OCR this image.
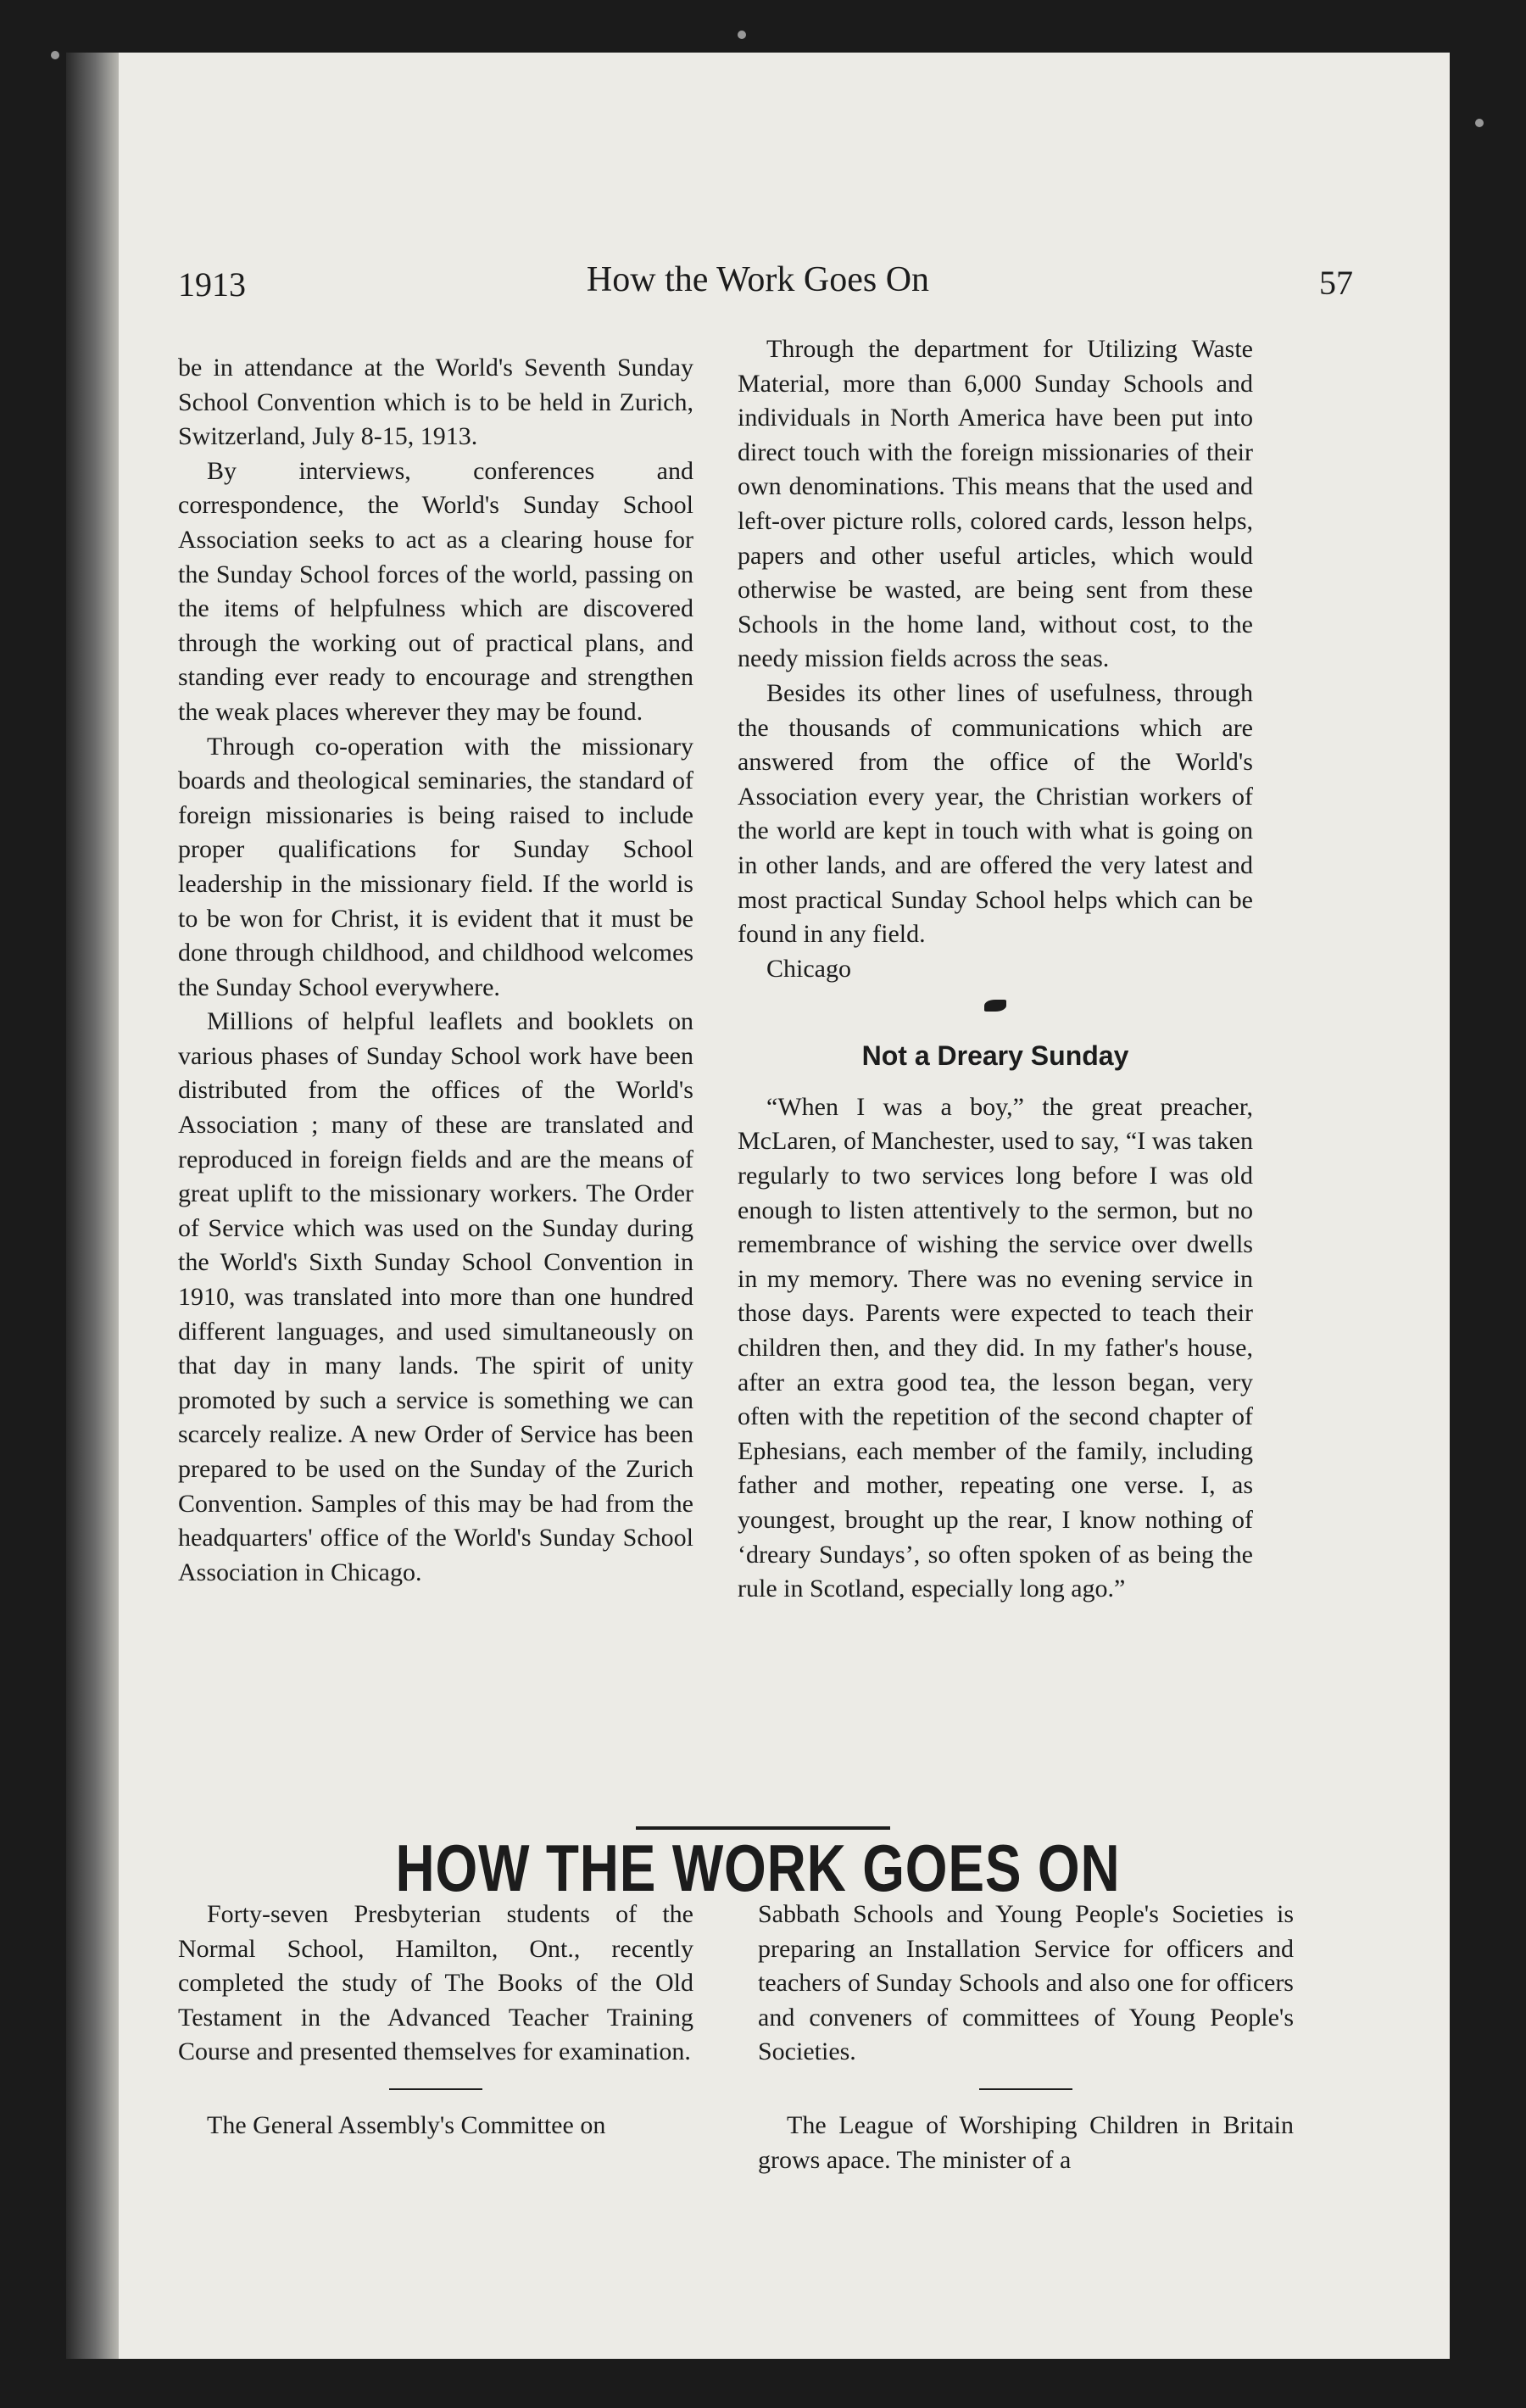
1913	How the Work Goes On	57

be in attendance at the World's Seventh Sunday School Convention which is to be held in Zurich, Switzerland, July 8-15, 1913.

By interviews, conferences and correspondence, the World's Sunday School Association seeks to act as a clearing house for the Sunday School forces of the world, passing on the items of helpfulness which are discovered through the working out of practical plans, and standing ever ready to encourage and strengthen the weak places wherever they may be found.

Through co-operation with the missionary boards and theological seminaries, the standard of foreign missionaries is being raised to include proper qualifications for Sunday School leadership in the missionary field. If the world is to be won for Christ, it is evident that it must be done through childhood, and childhood welcomes the Sunday School everywhere.

Millions of helpful leaflets and booklets on various phases of Sunday School work have been distributed from the offices of the World's Association ; many of these are translated and reproduced in foreign fields and are the means of great uplift to the missionary workers. The Order of Service which was used on the Sunday during the World's Sixth Sunday School Convention in 1910, was translated into more than one hundred different languages, and used simultaneously on that day in many lands. The spirit of unity promoted by such a service is something we can scarcely realize. A new Order of Service has been prepared to be used on the Sunday of the Zurich Convention. Samples of this may be had from the headquarters' office of the World's Sunday School Association in Chicago.

Through the department for Utilizing Waste Material, more than 6,000 Sunday Schools and individuals in North America have been put into direct touch with the foreign missionaries of their own denominations. This means that the used and left-over picture rolls, colored cards, lesson helps, papers and other useful articles, which would otherwise be wasted, are being sent from these Schools in the home land, without cost, to the needy mission fields across the seas.

Besides its other lines of usefulness, through the thousands of communications which are answered from the office of the World's Association every year, the Christian workers of the world are kept in touch with what is going on in other lands, and are offered the very latest and most practical Sunday School helps which can be found in any field.

Chicago

Not a Dreary Sunday

“When I was a boy,” the great preacher, McLaren, of Manchester, used to say, “I was taken regularly to two services long before I was old enough to listen attentively to the sermon, but no remembrance of wishing the service over dwells in my memory. There was no evening service in those days. Parents were expected to teach their children then, and they did. In my father's house, after an extra good tea, the lesson began, very often with the repetition of the second chapter of Ephesians, each member of the family, including father and mother, repeating one verse. I, as youngest, brought up the rear, I know nothing of ‘dreary Sundays’, so often spoken of as being the rule in Scotland, especially long ago.”

HOW THE WORK GOES ON

Forty-seven Presbyterian students of the Normal School, Hamilton, Ont., recently completed the study of The Books of the Old Testament in the Advanced Teacher Training Course and presented themselves for examination.

The General Assembly's Committee on

Sabbath Schools and Young People's Societies is preparing an Installation Service for officers and teachers of Sunday Schools and also one for officers and conveners of committees of Young People's Societies.

The League of Worshiping Children in Britain grows apace. The minister of a
